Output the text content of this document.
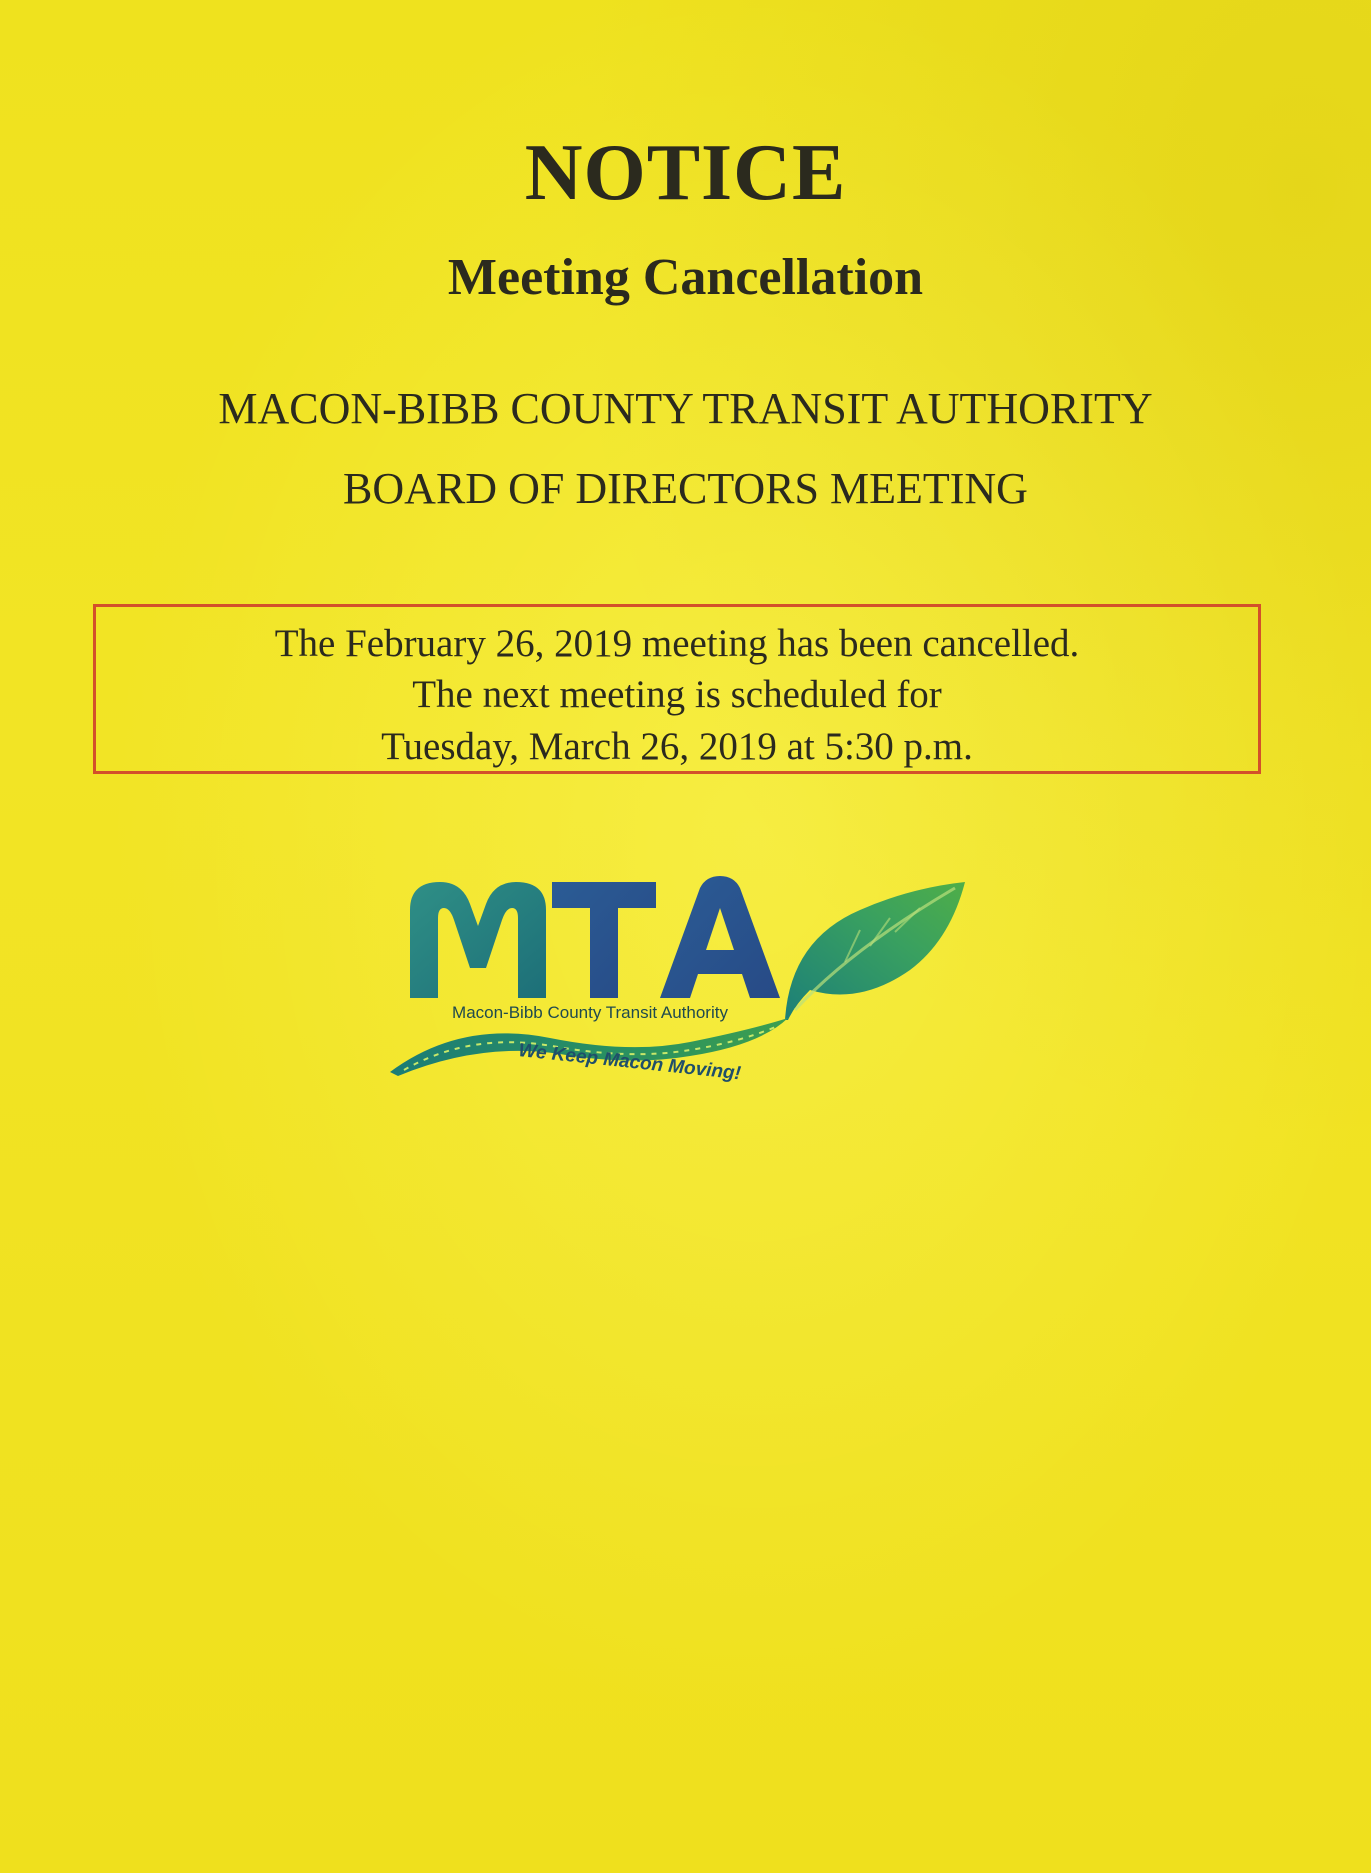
NOTICE
Meeting Cancellation
MACON-BIBB COUNTY TRANSIT AUTHORITY
BOARD OF DIRECTORS MEETING
The February 26, 2019 meeting has been cancelled.
The next meeting is scheduled for
Tuesday, March 26, 2019 at 5:30 p.m.
Macon-Bibb County Transit Authority
We Keep Macon Moving!
